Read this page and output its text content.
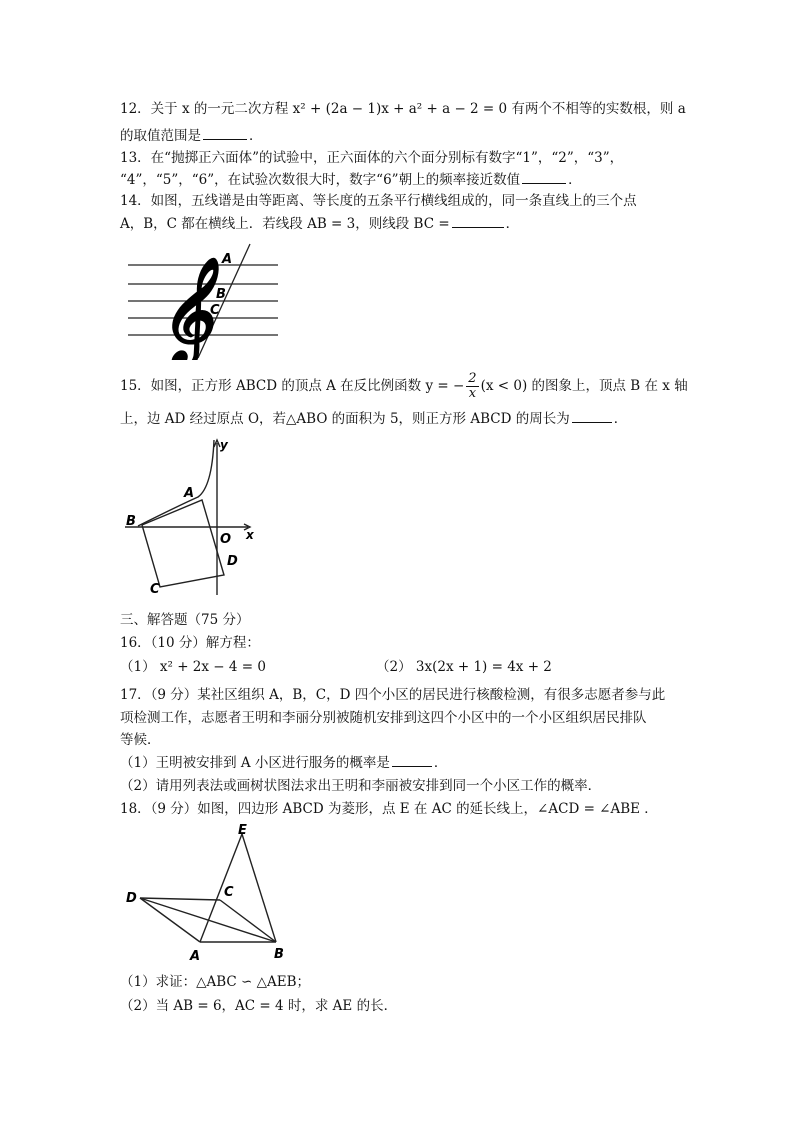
12．关于 x 的一元二次方程 x² + (2a − 1)x + a² + a − 2 = 0 有两个不相等的实数根，则 a
的取值范围是	．
13．在“抛掷正六面体”的试验中，正六面体的六个面分别标有数字“1”，“2”，“3”，
“4”，“5”，“6”，在试验次数很大时，数字“6”朝上的频率接近数值	．
14．如图，五线谱是由等距离、等长度的五条平行横线组成的，同一条直线上的三个点
A，B，C 都在横线上．若线段 AB = 3，则线段 BC =	．
𝄞 A
B
C
15．如图，正方形 ABCD 的顶点 A 在反比例函数 y = − $\frac{2}{x} (x < 0)$ 的图象上，顶点 B 在 x 轴
上，边 AD 经过原点 O，若△ABO 的面积为 5，则正方形 ABCD 的周长为	．
y
A
B
O x
C
D
三、解答题（75 分）
16．（10 分）解方程：
（1） x² + 2x − 4 = 0	（2） 3x(2x + 1) = 4x + 2
17．（9 分）某社区组织 A，B，C，D 四个小区的居民进行核酸检测，有很多志愿者参与此
项检测工作，志愿者王明和李丽分别被随机安排到这四个小区中的一个小区组织居民排队
等候．
（1）王明被安排到 A 小区进行服务的概率是	．
（2）请用列表法或画树状图法求出王明和李丽被安排到同一个小区工作的概率．
18．（9 分）如图，四边形 ABCD 为菱形，点 E 在 AC 的延长线上，∠ACD = ∠ABE ．
E
C
D
A	B
（1）求证：△ABC ∽ △AEB；
（2）当 AB = 6，AC = 4 时，求 AE 的长．
